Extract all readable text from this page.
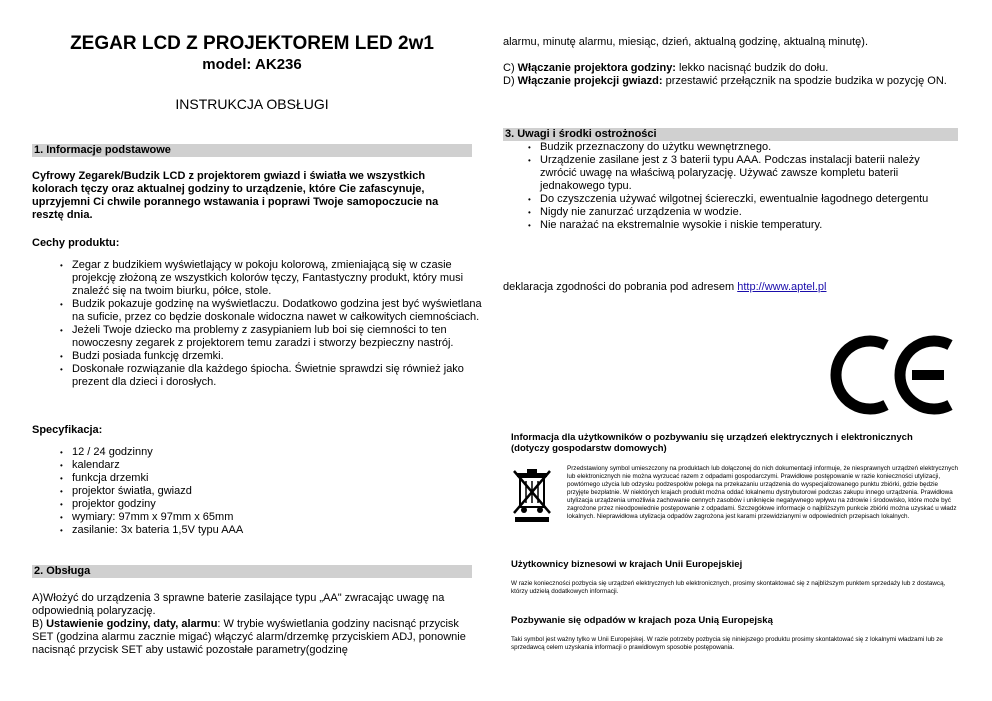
ZEGAR LCD Z PROJEKTOREM LED 2w1
model: AK236
INSTRUKCJA OBSŁUGI
1. Informacje podstawowe
Cyfrowy Zegarek/Budzik LCD z projektorem gwiazd i światła we wszystkich kolorach tęczy oraz aktualnej godziny to urządzenie, które Cie zafascynuje, uprzyjemni Ci chwile porannego wstawania i poprawi Twoje samopoczucie na resztę dnia.
Cechy produktu:
• Zegar z budzikiem wyświetlający w pokoju kolorową, zmieniającą się w czasie projekcję złożoną ze wszystkich kolorów tęczy, Fantastyczny produkt, który musi znaleźć się na twoim biurku, półce, stole.
• Budzik pokazuje godzinę na wyświetlaczu. Dodatkowo godzina jest być wyświetlana na suficie, przez co będzie doskonale widoczna nawet w całkowitych ciemnościach.
• Jeżeli Twoje dziecko ma problemy z zasypianiem lub boi się ciemności to ten nowoczesny zegarek z projektorem temu zaradzi i stworzy bezpieczny nastrój.
• Budzi posiada funkcję drzemki.
• Doskonałe rozwiązanie dla każdego śpiocha. Świetnie sprawdzi się również jako prezent dla dzieci i dorosłych.
Specyfikacja:
• 12 / 24 godzinny
• kalendarz
• funkcja drzemki
• projektor światła, gwiazd
• projektor godziny
• wymiary: 97mm x 97mm x 65mm
• zasilanie: 3x bateria 1,5V typu AAA
2. Obsługa
A)Włożyć do urządzenia 3 sprawne baterie zasilające typu „AA" zwracając uwagę na odpowiednią polaryzację.
B) Ustawienie godziny, daty, alarmu: W trybie wyświetlania godziny nacisnąć przycisk SET (godzina alarmu zacznie migać) włączyć alarm/drzemkę przyciskiem ADJ, ponownie nacisnąć przycisk SET aby ustawić pozostałe parametry(godzinę
alarmu, minutę alarmu, miesiąc, dzień, aktualną godzinę, aktualną minutę).
C) Włączanie projektora godziny: lekko nacisnąć budzik do dołu.
D) Włączanie projekcji gwiazd: przestawić przełącznik na spodzie budzika w pozycję ON.
3. Uwagi i środki ostrożności
• Budzik przeznaczony do użytku wewnętrznego.
• Urządzenie zasilane jest z 3 baterii typu AAA. Podczas instalacji baterii należy zwrócić uwagę na właściwą polaryzację. Używać zawsze kompletu baterii jednakowego typu.
• Do czyszczenia używać wilgotnej ściereczki, ewentualnie łagodnego detergentu
• Nigdy nie zanurzać urządzenia w wodzie.
• Nie narażać na ekstremalnie wysokie i niskie temperatury.
deklaracja zgodności do pobrania pod adresem http://www.aptel.pl
Informacja dla użytkowników o pozbywaniu się urządzeń elektrycznych i elektronicznych (dotyczy gospodarstw domowych)
Przedstawiony symbol umieszczony na produktach lub dołączonej do nich dokumentacji informuje, że niesprawnych urządzeń elektrycznych lub elektronicznych nie można wyrzucać razem z odpadami gospodarczymi. Prawidłowe postępowanie w razie konieczności utylizacji, powtórnego użycia lub odzysku podzespołów polega na przekazaniu urządzenia do wyspecjalizowanego punktu zbiórki, gdzie będzie przyjęte bezpłatnie. W niektórych krajach produkt można oddać lokalnemu dystrybutorowi podczas zakupu innego urządzenia. Prawidłowa utylizacja urządzenia umożliwia zachowanie cennych zasobów i uniknięcie negatywnego wpływu na zdrowie i środowisko, które może być zagrożone przez nieodpowiednie postępowanie z odpadami. Szczegółowe informacje o najbliższym punkcie zbiórki można uzyskać u władz lokalnych. Nieprawidłowa utylizacja odpadów zagrożona jest karami przewidzianymi w odpowiednich przepisach lokalnych.
Użytkownicy biznesowi w krajach Unii Europejskiej
W razie konieczności pozbycia się urządzeń elektrycznych lub elektronicznych, prosimy skontaktować się z najbliższym punktem sprzedaży lub z dostawcą, którzy udzielą dodatkowych informacji.
Pozbywanie się odpadów w krajach poza Unią Europejską
Taki symbol jest ważny tylko w Unii Europejskej. W razie potrzeby pozbycia się niniejszego produktu prosimy skontaktować się z lokalnymi władzami lub ze sprzedawcą celem uzyskania informacji o prawidłowym sposobie postępowania.
